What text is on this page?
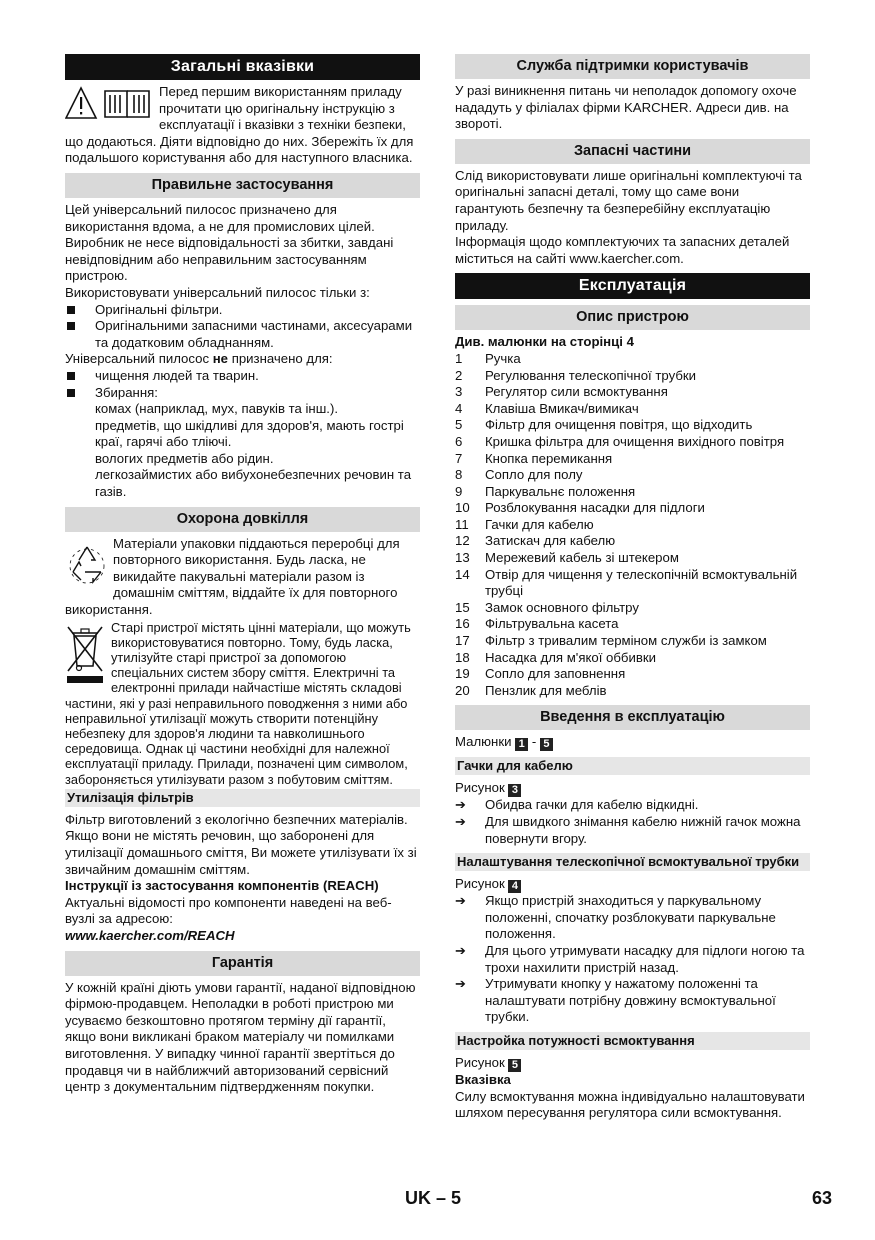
Загальні вказівки

Перед першим використанням приладу прочитати цю оригінальну інструкцію з експлуатації і вказівки з техніки безпеки, що додаються. Діяти відповідно до них. Збережіть їх для подальшого користування або для наступного власника.

Правильне застосування

Цей універсальний пилосос призначено для використання вдома, а не для промислових цілей.

Виробник не несе відповідальності за збитки, завдані невідповідним або неправильним застосуванням пристрою.

Використовувати універсальний пилосос тільки з:

Оригінальні фільтри.
Оригінальними запасними частинами, аксесуарами та додатковим обладнанням.

Універсальний пилосос не призначено для:

чищення людей та тварин.
Збирання:
комах (наприклад, мух, павуків та інш.).
предметів, що шкідливі для здоров'я, мають гострі краї, гарячі або тліючі.
вологих предметів або рідин.
легкозаймистих або вибухонебезпечних речовин та газів.
Охорона довкілля

Матеріали упаковки піддаються переробці для повторного використання. Будь ласка, не викидайте пакувальні матеріали разом із домашнім сміттям, віддайте їх для повторного використання.

Старі пристрої містять цінні матеріали, що можуть використовуватися повторно. Тому, будь ласка, утилізуйте старі пристрої за допомогою спеціальних систем збору сміття. Електричні та електронні прилади найчастіше містять складові частини, які у разі неправильного поводження з ними або неправильної утилізації можуть створити потенційну небезпеку для здоров'я людини та навколишнього середовища. Однак ці частини необхідні для належної експлуатації приладу. Прилади, позначені цим символом, забороняється утилізувати разом з побутовим сміттям.

Утилізація фільтрів

Фільтр виготовлений з екологічно безпечних матеріалів.

Якщо вони не містять речовин, що заборонені для утилізації домашнього сміття, Ви можете утилізувати їх зі звичайним домашнім сміттям.

Інструкції із застосування компонентів (REACH)

Актуальні відомості про компоненти наведені на веб-вузлі за адресою:

www.kaercher.com/REACH

Гарантія

У кожній країні діють умови гарантії, наданої відповідною фірмою-продавцем. Неполадки в роботі пристрою ми усуваємо безкоштовно протягом терміну дії гарантії, якщо вони викликані браком матеріалу чи помилками виготовлення. У випадку чинної гарантії звертіться до продавця чи в найближчий авторизований сервісний центр з документальним підтвердженням покупки.

Служба підтримки користувачів

У разі виникнення питань чи неполадок допомогу охоче нададуть у філіалах фірми KARCHER. Адреси див. на звороті.

Запасні частини

Слід використовувати лише оригінальні комплектуючі та оригінальні запасні деталі, тому що саме вони гарантують безпечну та безперебійну експлуатацію приладу.

Інформація щодо комплектуючих та запасних деталей міститься на сайті www.kaercher.com.

Експлуатація
Опис пристрою

Див. малюнки на сторінці 4

1	Ручка
2	Регулювання телескопічної трубки
3	Регулятор сили всмоктування
4	Клавіша Вмикач/вимикач
5	Фільтр для очищення повітря, що відходить
6	Кришка фільтра для очищення вихідного повітря
7	Кнопка перемикання
8	Сопло для полу
9	Паркувальнє положення
10	Розблокування насадки для підлоги
11	Гачки для кабелю
12	Затискач для кабелю
13	Мережевий кабель зі штекером
14	Отвір для чищення у телескопічній всмоктувальній трубці
15	Замок основного фільтру
16	Фільтрувальна касета
17	Фільтр з тривалим терміном служби із замком
18	Насадка для м'якої оббивки
19	Сопло для заповнення
20	Пензлик для меблів
Введення в експлуатацію

Малюнки 1 - 5

Гачки для кабелю

Рисунок 3

➔ Обидва гачки для кабелю відкидні.
➔ Для швидкого знімання кабелю нижній гачок можна повернути вгору.
Налаштування телескопічної всмоктувальної трубки

Рисунок 4

➔ Якщо пристрій знаходиться у паркувальному положенні, спочатку розблокувати паркувальне положення.
➔ Для цього утримувати насадку для підлоги ногою та трохи нахилити пристрій назад.
➔ Утримувати кнопку у нажатому положенні та налаштувати потрібну довжину всмоктувальної трубки.
Настройка потужності всмоктування

Рисунок 5

Вказівка

Силу всмоктування можна індивідуально налаштовувати шляхом пересування регулятора сили всмоктування.

UK – 5	63
